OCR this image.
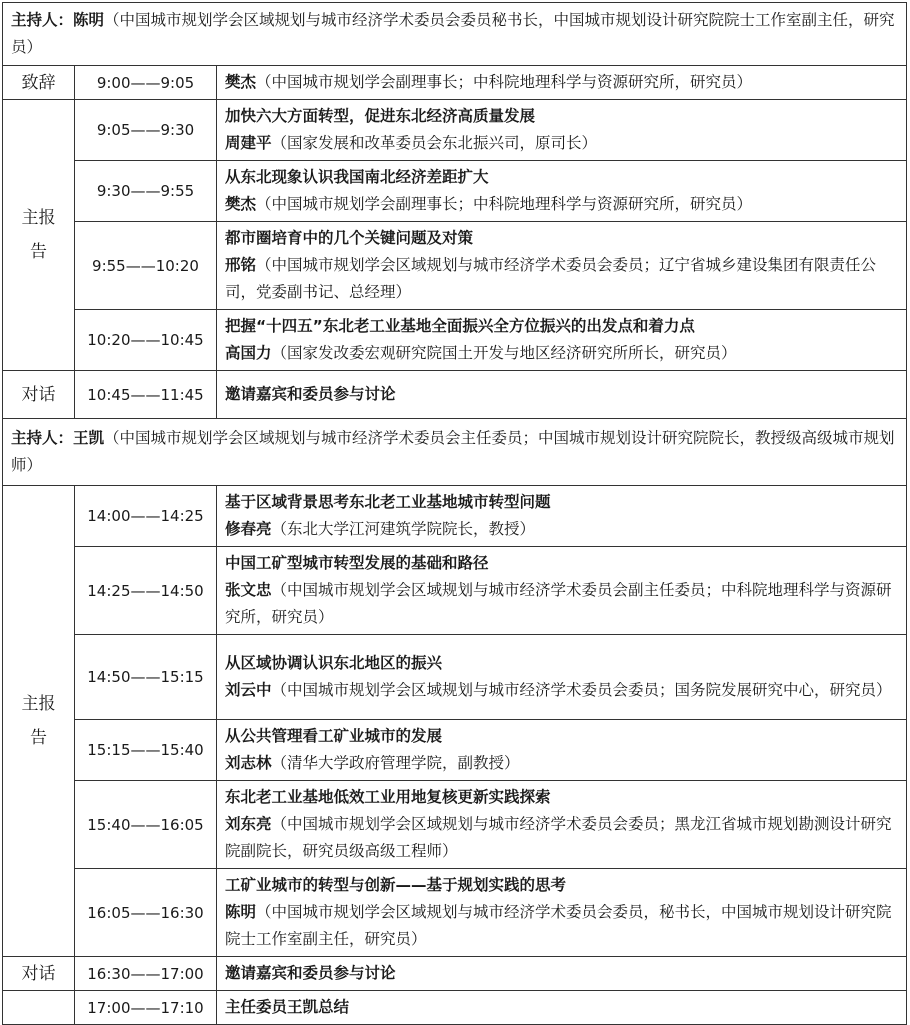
主持人：陈明（中国城市规划学会区域规划与城市经济学术委员会委员秘书长，中国城市规划设计研究院院士工作室副主任，研究员）		
致辞	9:00——9:05	樊杰（中国城市规划学会副理事长；中科院地理科学与资源研究所，研究员）

主报告	9:05——9:30	加快六大方面转型，促进东北经济高质量发展
周建平（国家发展和改革委员会东北振兴司，原司长）
	9:30——9:55	从东北现象认识我国南北经济差距扩大
樊杰（中国城市规划学会副理事长；中科院地理科学与资源研究所，研究员）
	9:55——10:20	都市圈培育中的几个关键问题及对策
邢铭（中国城市规划学会区域规划与城市经济学术委员会委员；辽宁省城乡建设集团有限责任公司，党委副书记、总经理）
	10:20——10:45	把握“十四五”东北老工业基地全面振兴全方位振兴的出发点和着力点
高国力（国家发改委宏观研究院国土开发与地区经济研究所所长，研究员）
对话	10:45——11:45	邀请嘉宾和委员参与讨论
主持人：王凯（中国城市规划学会区域规划与城市经济学术委员会主任委员；中国城市规划设计研究院院长，教授级高级城市规划师）		

主报告	14:00——14:25	基于区域背景思考东北老工业基地城市转型问题
修春亮（东北大学江河建筑学院院长，教授）
	14:25——14:50	中国工矿型城市转型发展的基础和路径
张文忠（中国城市规划学会区域规划与城市经济学术委员会副主任委员；中科院地理科学与资源研究所，研究员）
	14:50——15:15	从区域协调认识东北地区的振兴
刘云中（中国城市规划学会区域规划与城市经济学术委员会委员；国务院发展研究中心，研究员）
	15:15——15:40	从公共管理看工矿业城市的发展
刘志林（清华大学政府管理学院，副教授）
	15:40——16:05	东北老工业基地低效工业用地复核更新实践探索
刘东亮（中国城市规划学会区域规划与城市经济学术委员会委员；黑龙江省城市规划勘测设计研究院副院长，研究员级高级工程师）
	16:05——16:30	工矿业城市的转型与创新——基于规划实践的思考
陈明（中国城市规划学会区域规划与城市经济学术委员会委员，秘书长，中国城市规划设计研究院院士工作室副主任，研究员）
对话	16:30——17:00	邀请嘉宾和委员参与讨论
	17:00——17:10	主任委员王凯总结
